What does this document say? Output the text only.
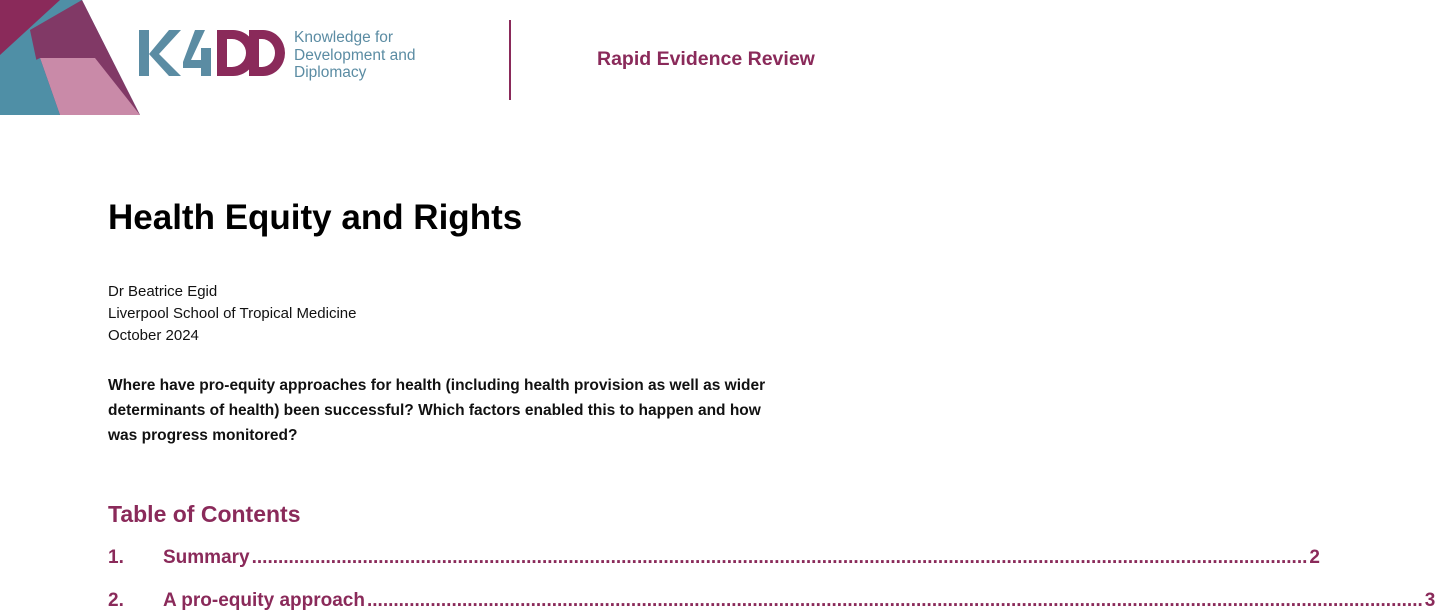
Knowledge for
Development and
Diplomacy
Rapid Evidence Review
Health Equity and Rights
Dr Beatrice Egid
Liverpool School of Tropical Medicine
October 2024
Where have pro-equity approaches for health (including health provision as well as wider determinants of health) been successful? Which factors enabled this to happen and how was progress monitored?
Table of Contents
1.	Summary .....	2
2.	A pro-equity approach .....	3
